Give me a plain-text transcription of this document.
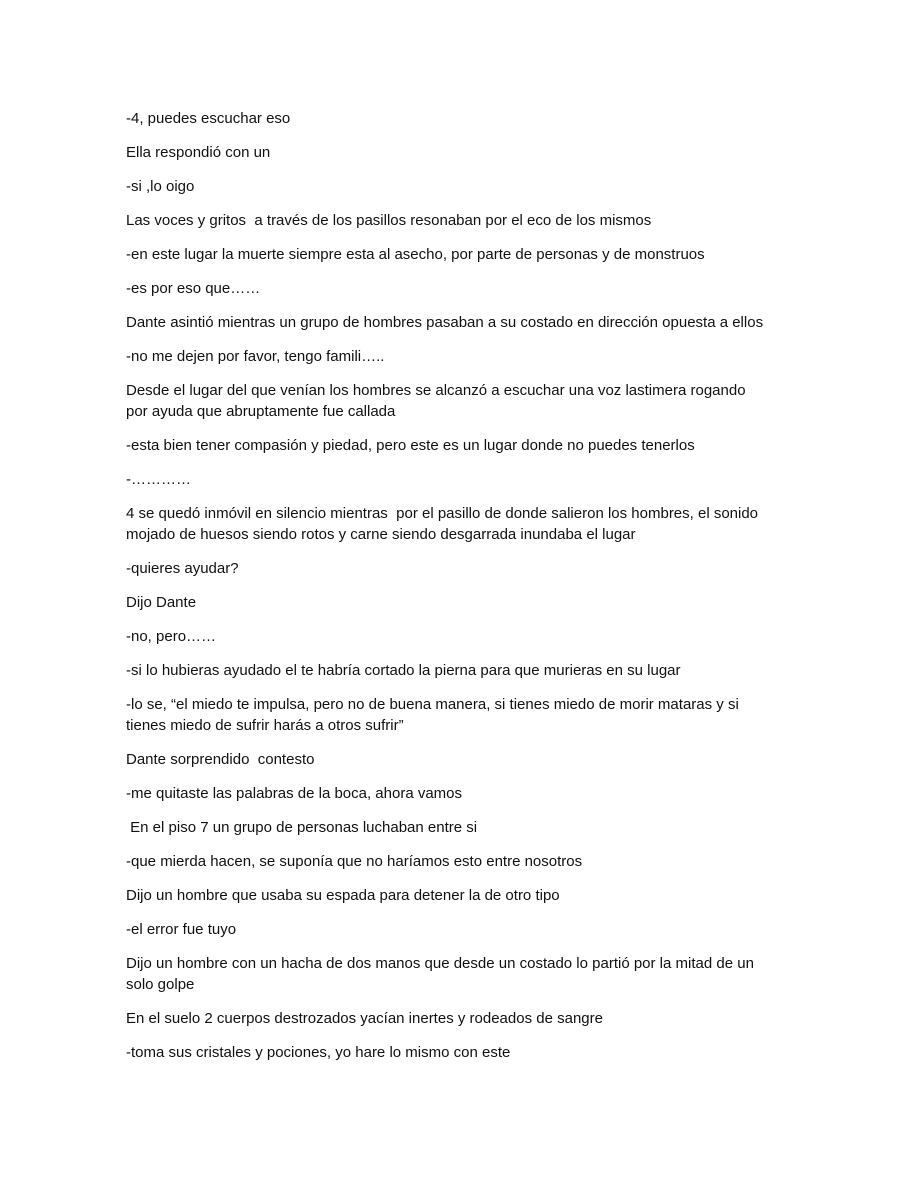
-4, puedes escuchar eso

Ella respondió con un

-si ,lo oigo

Las voces y gritos  a través de los pasillos resonaban por el eco de los mismos

-en este lugar la muerte siempre esta al asecho, por parte de personas y de monstruos

-es por eso que……

Dante asintió mientras un grupo de hombres pasaban a su costado en dirección opuesta a ellos

-no me dejen por favor, tengo famili…..

Desde el lugar del que venían los hombres se alcanzó a escuchar una voz lastimera rogando por ayuda que abruptamente fue callada

-esta bien tener compasión y piedad, pero este es un lugar donde no puedes tenerlos

-…………

4 se quedó inmóvil en silencio mientras  por el pasillo de donde salieron los hombres, el sonido mojado de huesos siendo rotos y carne siendo desgarrada inundaba el lugar

-quieres ayudar?

Dijo Dante

-no, pero……

-si lo hubieras ayudado el te habría cortado la pierna para que murieras en su lugar

-lo se, “el miedo te impulsa, pero no de buena manera, si tienes miedo de morir mataras y si tienes miedo de sufrir harás a otros sufrir”

Dante sorprendido  contesto

-me quitaste las palabras de la boca, ahora vamos

En el piso 7 un grupo de personas luchaban entre si

-que mierda hacen, se suponía que no haríamos esto entre nosotros

Dijo un hombre que usaba su espada para detener la de otro tipo

-el error fue tuyo

Dijo un hombre con un hacha de dos manos que desde un costado lo partió por la mitad de un solo golpe

En el suelo 2 cuerpos destrozados yacían inertes y rodeados de sangre

-toma sus cristales y pociones, yo hare lo mismo con este
